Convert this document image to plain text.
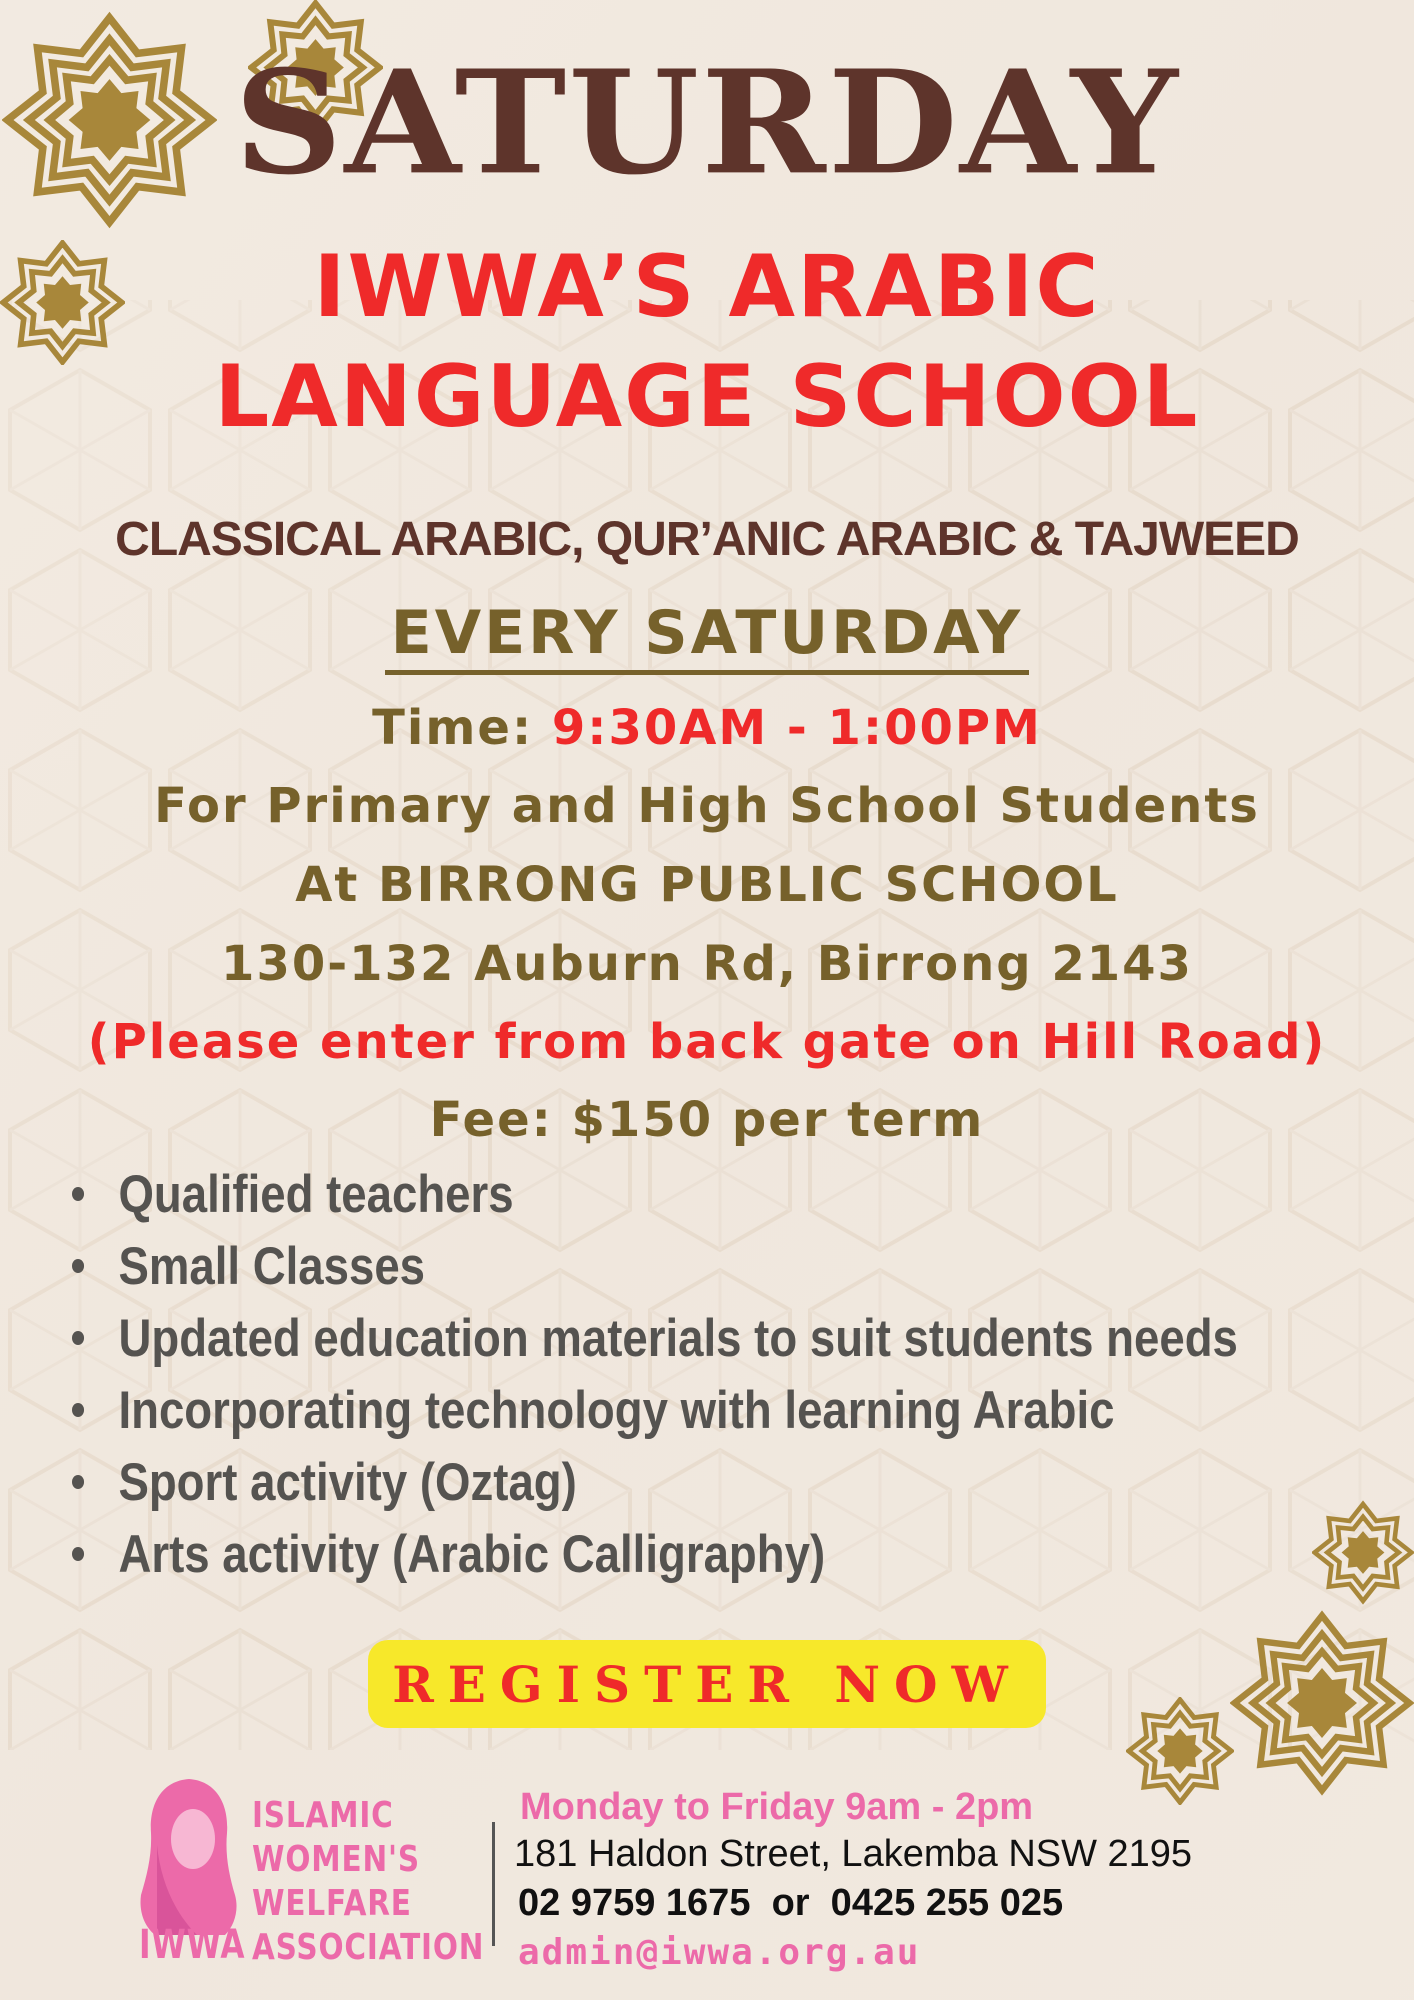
SATURDAY
IWWA’S ARABIC
LANGUAGE SCHOOL
CLASSICAL ARABIC, QUR’ANIC ARABIC & TAJWEED
EVERY SATURDAY
Time: 9:30AM - 1:00PM
For Primary and High School Students
At BIRRONG PUBLIC SCHOOL
130-132 Auburn Rd, Birrong 2143
(Please enter from back gate on Hill Road)
Fee: $150 per term
Qualified teachers
Small Classes
Updated education materials to suit students needs
Incorporating technology with learning Arabic
Sport activity (Oztag)
Arts activity (Arabic Calligraphy)
REGISTER NOW
IWWA
ISLAMIC
WOMEN'S
WELFARE
ASSOCIATION
Monday to Friday 9am - 2pm
181 Haldon Street, Lakemba NSW 2195
02 9759 1675  or  0425 255 025
admin@iwwa.org.au
